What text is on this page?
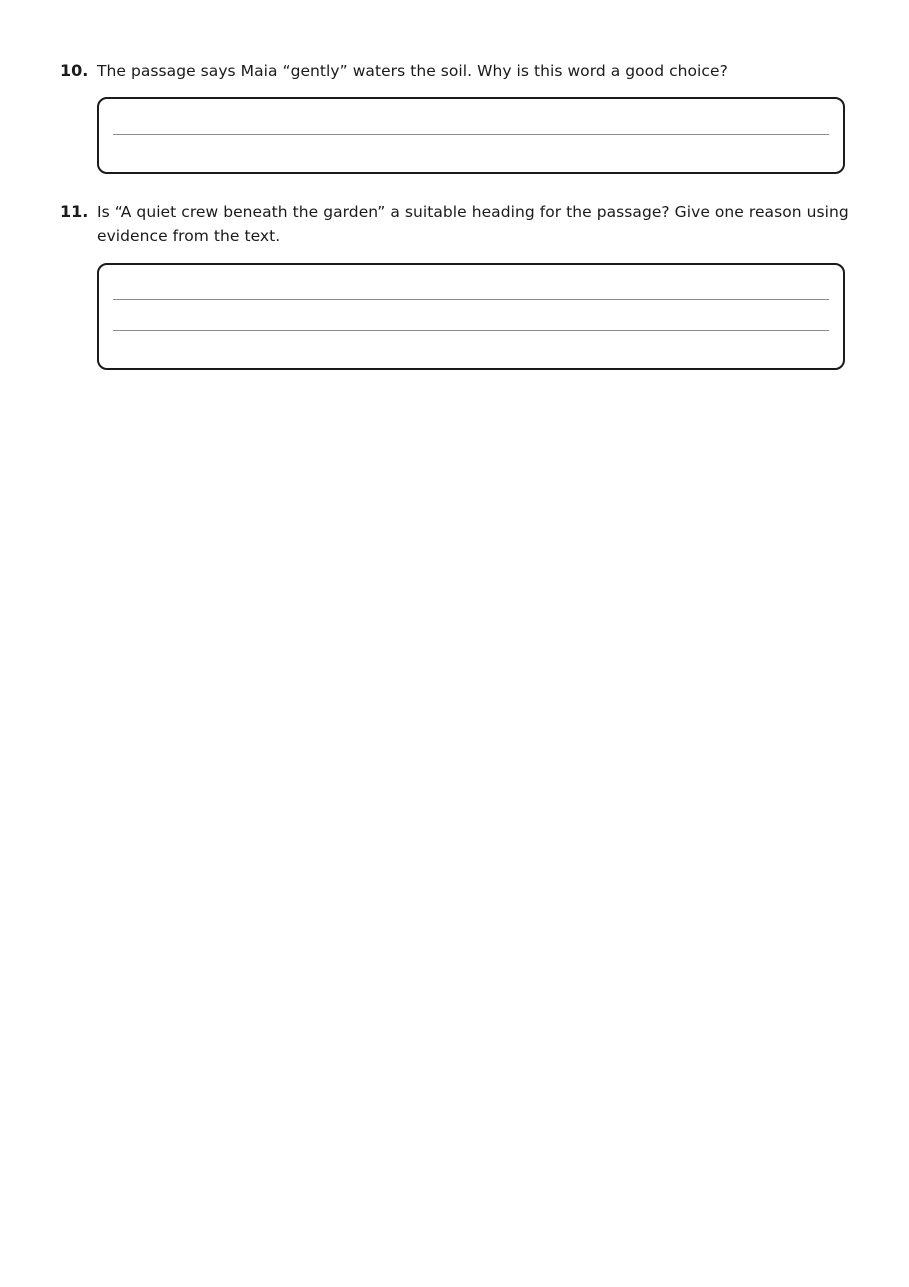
10. The passage says Maia “gently” waters the soil. Why is this word a good choice?
11. Is “A quiet crew beneath the garden” a suitable heading for the passage? Give one reason using evidence from the text.
